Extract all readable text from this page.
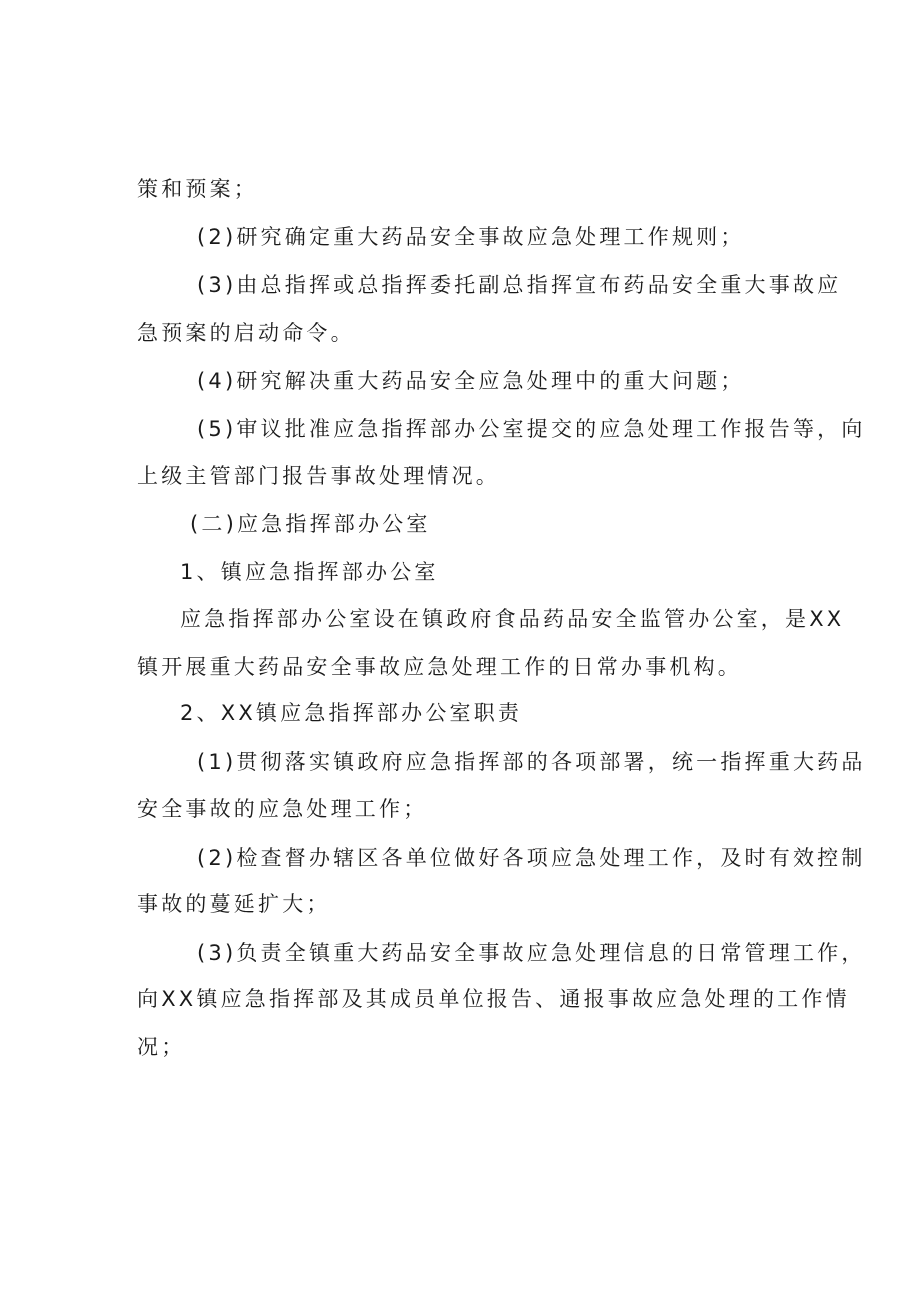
策和预案；
(2)研究确定重大药品安全事故应急处理工作规则；
(3)由总指挥或总指挥委托副总指挥宣布药品安全重大事故应
急预案的启动命令。
(4)研究解决重大药品安全应急处理中的重大问题；
(5)审议批准应急指挥部办公室提交的应急处理工作报告等，向
上级主管部门报告事故处理情况。
(二)应急指挥部办公室
1、镇应急指挥部办公室
应急指挥部办公室设在镇政府食品药品安全监管办公室，是XX
镇开展重大药品安全事故应急处理工作的日常办事机构。
2、XX镇应急指挥部办公室职责
(1)贯彻落实镇政府应急指挥部的各项部署，统一指挥重大药品
安全事故的应急处理工作；
(2)检查督办辖区各单位做好各项应急处理工作，及时有效控制
事故的蔓延扩大；
(3)负责全镇重大药品安全事故应急处理信息的日常管理工作，
向XX镇应急指挥部及其成员单位报告、通报事故应急处理的工作情
况；
